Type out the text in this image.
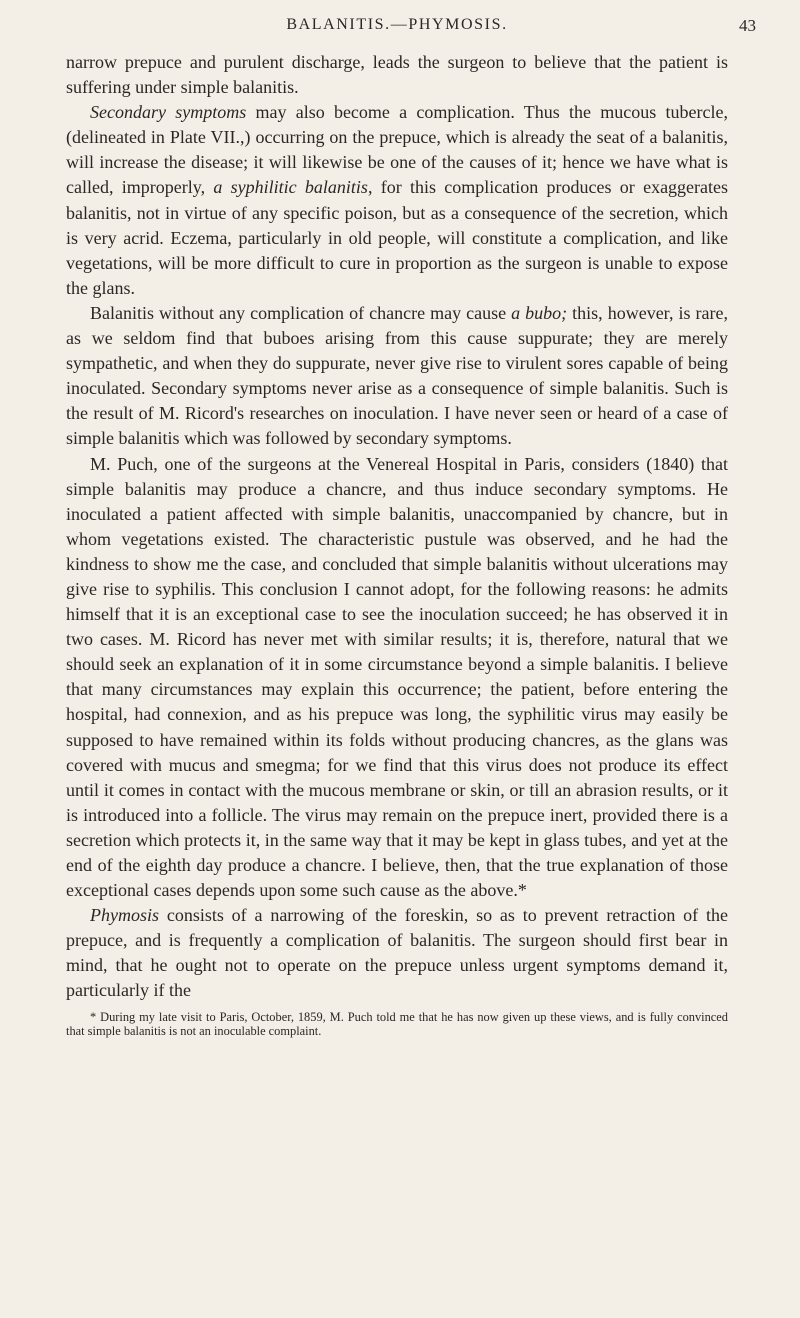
BALANITIS.—PHYMOSIS.	43

narrow prepuce and purulent discharge, leads the surgeon to believe that the patient is suffering under simple balanitis.

Secondary symptoms may also become a complication. Thus the mucous tubercle, (delineated in Plate VII.,) occurring on the prepuce, which is already the seat of a balanitis, will increase the disease; it will likewise be one of the causes of it; hence we have what is called, improperly, a syphilitic balanitis, for this complication produces or exaggerates balanitis, not in virtue of any specific poison, but as a consequence of the secretion, which is very acrid. Eczema, particularly in old people, will constitute a complication, and like vegetations, will be more difficult to cure in proportion as the surgeon is unable to expose the glans.

Balanitis without any complication of chancre may cause a bubo; this, however, is rare, as we seldom find that buboes arising from this cause suppurate; they are merely sympathetic, and when they do suppurate, never give rise to virulent sores capable of being inoculated. Secondary symptoms never arise as a consequence of simple balanitis. Such is the result of M. Ricord's researches on inoculation. I have never seen or heard of a case of simple balanitis which was followed by secondary symptoms.

M. Puch, one of the surgeons at the Venereal Hospital in Paris, considers (1840) that simple balanitis may produce a chancre, and thus induce secondary symptoms. He inoculated a patient affected with simple balanitis, unaccompanied by chancre, but in whom vegetations existed. The characteristic pustule was observed, and he had the kindness to show me the case, and concluded that simple balanitis without ulcerations may give rise to syphilis. This conclusion I cannot adopt, for the following reasons: he admits himself that it is an exceptional case to see the inoculation succeed; he has observed it in two cases. M. Ricord has never met with similar results; it is, therefore, natural that we should seek an explanation of it in some circumstance beyond a simple balanitis. I believe that many circumstances may explain this occurrence; the patient, before entering the hospital, had connexion, and as his prepuce was long, the syphilitic virus may easily be supposed to have remained within its folds without producing chancres, as the glans was covered with mucus and smegma; for we find that this virus does not produce its effect until it comes in contact with the mucous membrane or skin, or till an abrasion results, or it is introduced into a follicle. The virus may remain on the prepuce inert, provided there is a secretion which protects it, in the same way that it may be kept in glass tubes, and yet at the end of the eighth day produce a chancre. I believe, then, that the true explanation of those exceptional cases depends upon some such cause as the above.*

Phymosis consists of a narrowing of the foreskin, so as to prevent retraction of the prepuce, and is frequently a complication of balanitis. The surgeon should first bear in mind, that he ought not to operate on the prepuce unless urgent symptoms demand it, particularly if the

* During my late visit to Paris, October, 1859, M. Puch told me that he has now given up these views, and is fully convinced that simple balanitis is not an inoculable complaint.
